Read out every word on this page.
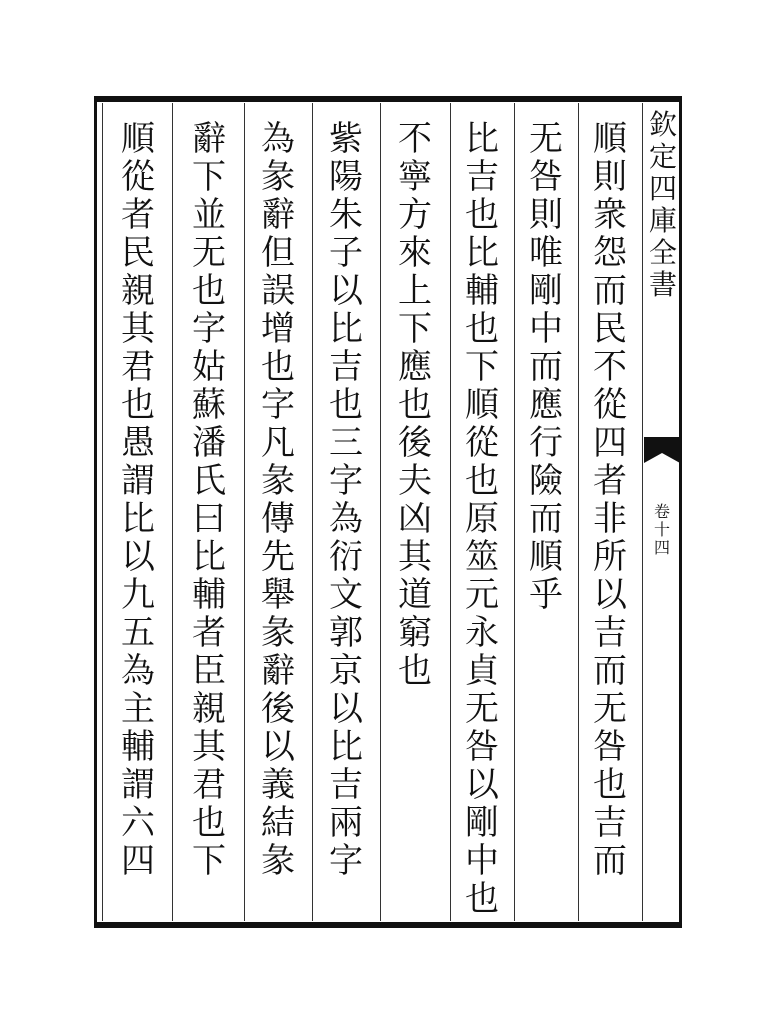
欽
定
四
庫
全
書
卷
十
四
順
則
衆
怨
而
民
不
從
四
者
非
所
以
吉
而
无
咎
也
吉
而
无
咎
則
唯
剛
中
而
應
行
險
而
順
乎
比
吉
也
比
輔
也
下
順
從
也
原
筮
元
永
貞
无
咎
以
剛
中
也
不
寧
方
來
上
下
應
也
後
夫
凶
其
道
窮
也
紫
陽
朱
子
以
比
吉
也
三
字
為
衍
文
郭
京
以
比
吉
兩
字
為
彖
辭
但
誤
增
也
字
凡
彖
傳
先
舉
彖
辭
後
以
義
結
彖
辭
下
並
无
也
字
姑
蘇
潘
氏
曰
比
輔
者
臣
親
其
君
也
下
順
從
者
民
親
其
君
也
愚
謂
比
以
九
五
為
主
輔
謂
六
四
